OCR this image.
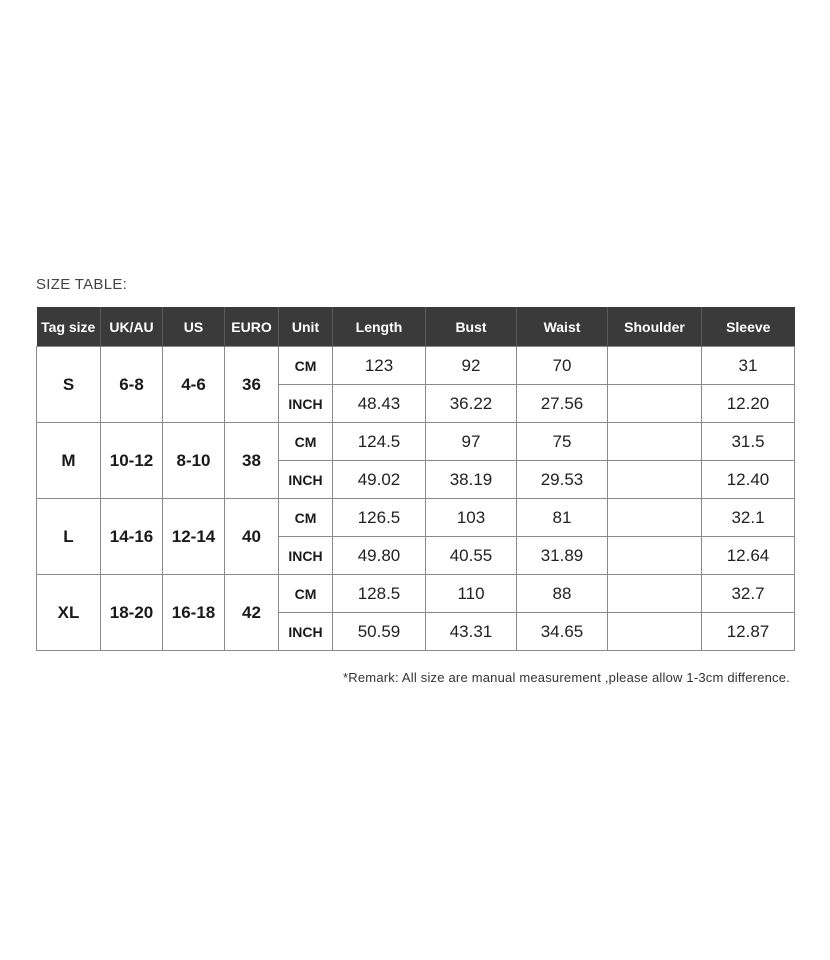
SIZE TABLE:
Tag size	UK/AU	US	EURO	Unit	Length	Bust	Waist	Shoulder	Sleeve
S	6-8	4-6	36	CM	123	92	70		31
				INCH	48.43	36.22	27.56		12.20
M	10-12	8-10	38	CM	124.5	97	75		31.5
				INCH	49.02	38.19	29.53		12.40
L	14-16	12-14	40	CM	126.5	103	81		32.1
				INCH	49.80	40.55	31.89		12.64
XL	18-20	16-18	42	CM	128.5	110	88		32.7
				INCH	50.59	43.31	34.65		12.87
*Remark: All size are manual measurement ,please allow 1-3cm difference.
